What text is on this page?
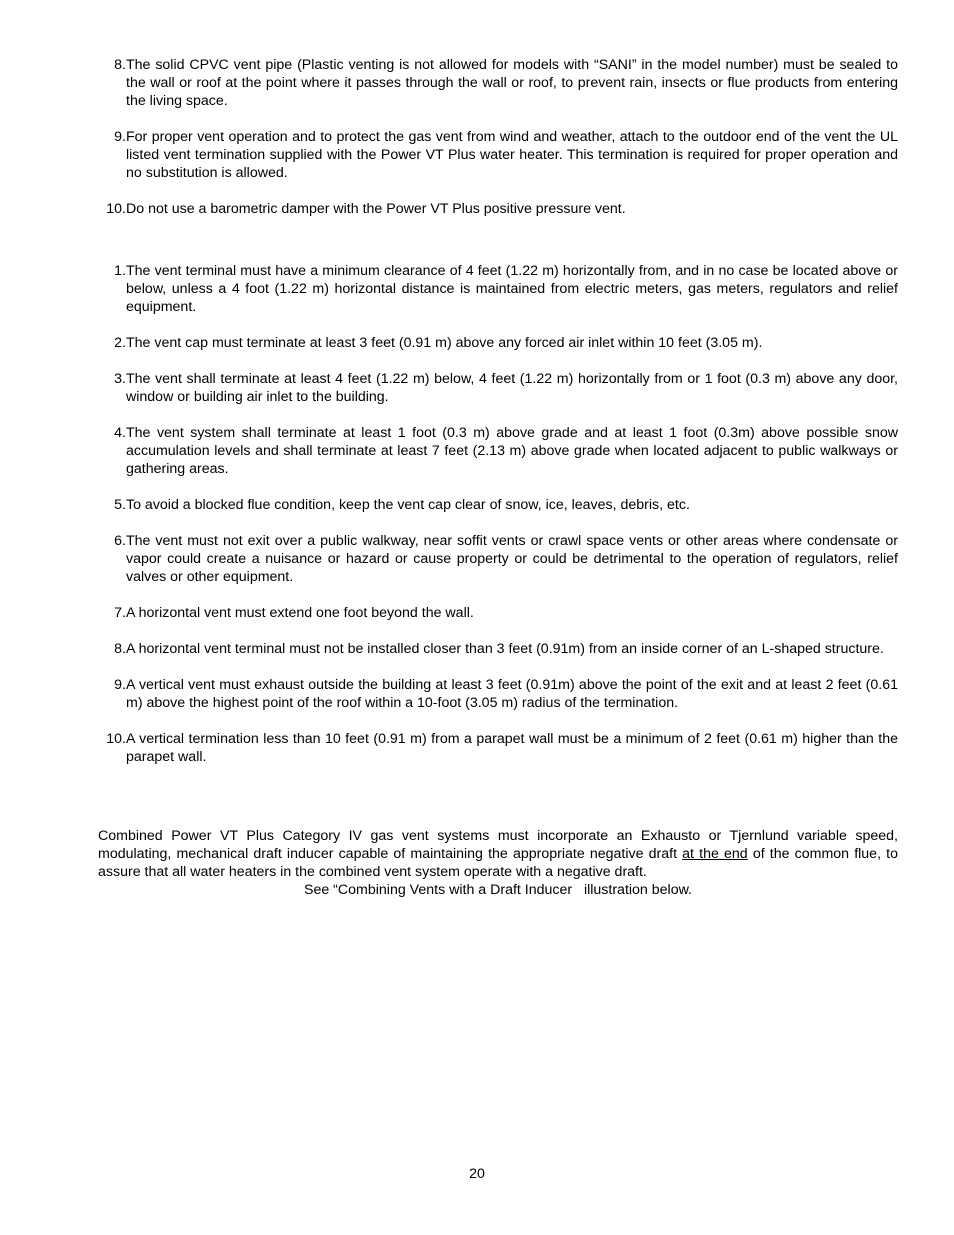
8. The solid CPVC vent pipe (Plastic venting is not allowed for models with “SANI” in the model number) must be sealed to the wall or roof at the point where it passes through the wall or roof, to prevent rain, insects or flue products from entering the living space.
9. For proper vent operation and to protect the gas vent from wind and weather, attach to the outdoor end of the vent the UL listed vent termination supplied with the Power VT Plus water heater. This termination is required for proper operation and no substitution is allowed.
10. Do not use a barometric damper with the Power VT Plus positive pressure vent.
1. The vent terminal must have a minimum clearance of 4 feet (1.22 m) horizontally from, and in no case be located above or below, unless a 4 foot (1.22 m) horizontal distance is maintained from electric meters, gas meters, regulators and relief equipment.
2. The vent cap must terminate at least 3 feet (0.91 m) above any forced air inlet within 10 feet (3.05 m).
3. The vent shall terminate at least 4 feet (1.22 m) below, 4 feet (1.22 m) horizontally from or 1 foot (0.3 m) above any door, window or building air inlet to the building.
4. The vent system shall terminate at least 1 foot (0.3 m) above grade and at least 1 foot (0.3m) above possible snow accumulation levels and shall terminate at least 7 feet (2.13 m) above grade when located adjacent to public walkways or gathering areas.
5. To avoid a blocked flue condition, keep the vent cap clear of snow, ice, leaves, debris, etc.
6. The vent must not exit over a public walkway, near soffit vents or crawl space vents or other areas where condensate or vapor could create a nuisance or hazard or cause property or could be detrimental to the operation of regulators, relief valves or other equipment.
7. A horizontal vent must extend one foot beyond the wall.
8. A horizontal vent terminal must not be installed closer than 3 feet (0.91m) from an inside corner of an L-shaped structure.
9. A vertical vent must exhaust outside the building at least 3 feet (0.91m) above the point of the exit and at least 2 feet (0.61 m) above the highest point of the roof within a 10-foot (3.05 m) radius of the termination.
10. A vertical termination less than 10 feet (0.91 m) from a parapet wall must be a minimum of 2 feet (0.61 m) higher than the parapet wall.

Combined Power VT Plus Category IV gas vent systems must incorporate an Exhausto or Tjernlund variable speed, modulating, mechanical draft inducer capable of maintaining the appropriate negative draft at the end of the common flue, to assure that all water heaters in the combined vent system operate with a negative draft.

See “Combining Vents with a Draft Inducer   illustration below.

20
